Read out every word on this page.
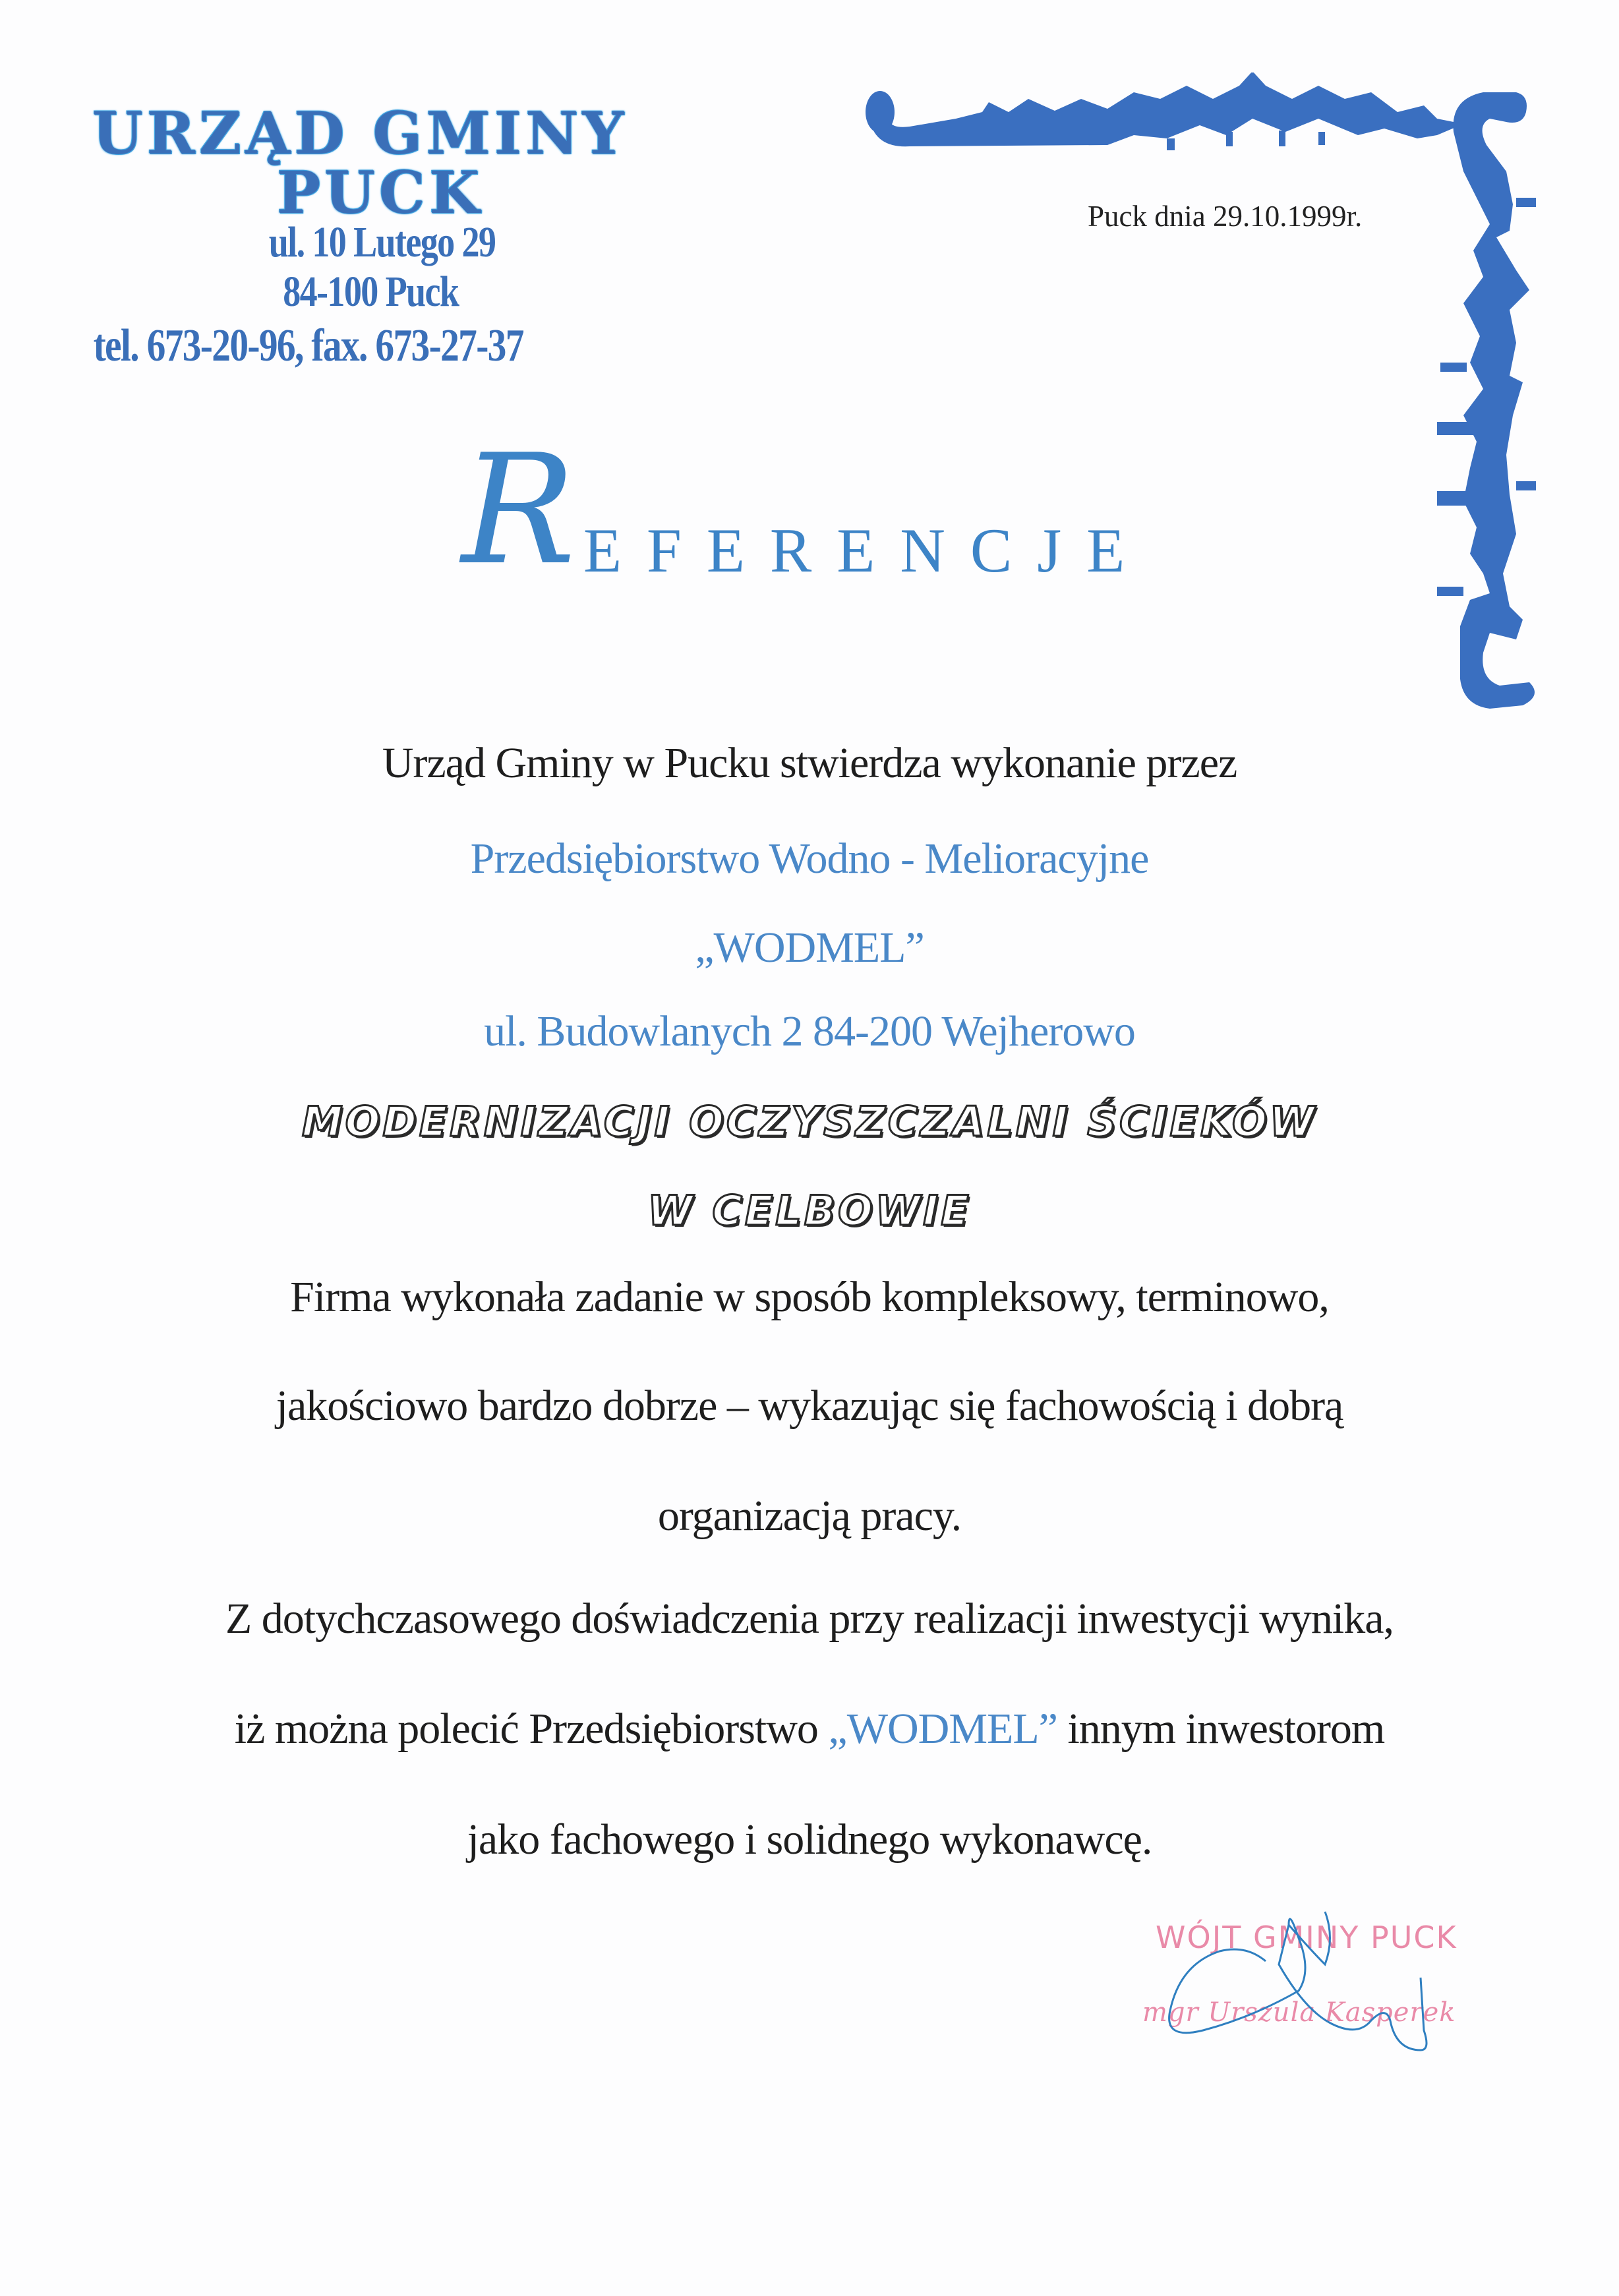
URZĄD GMINY
PUCK
ul. 10 Lutego 29
84-100 Puck
tel. 673-20-96, fax. 673-27-37
Puck dnia 29.10.1999r.
R EFERENCJE
Urząd Gminy w Pucku stwierdza wykonanie przez
Przedsiębiorstwo Wodno - Melioracyjne
„WODMEL”
ul. Budowlanych 2 84-200 Wejherowo
MODERNIZACJI OCZYSZCZALNI ŚCIEKÓW
W CELBOWIE
Firma wykonała zadanie w sposób kompleksowy, terminowo,
jakościowo bardzo dobrze – wykazując się fachowością i dobrą
organizacją pracy.
Z dotychczasowego doświadczenia przy realizacji inwestycji wynika,
iż można polecić Przedsiębiorstwo „WODMEL” innym inwestorom
jako fachowego i solidnego wykonawcę.
WÓJT GMINY PUCK
mgr Urszula Kasperek
